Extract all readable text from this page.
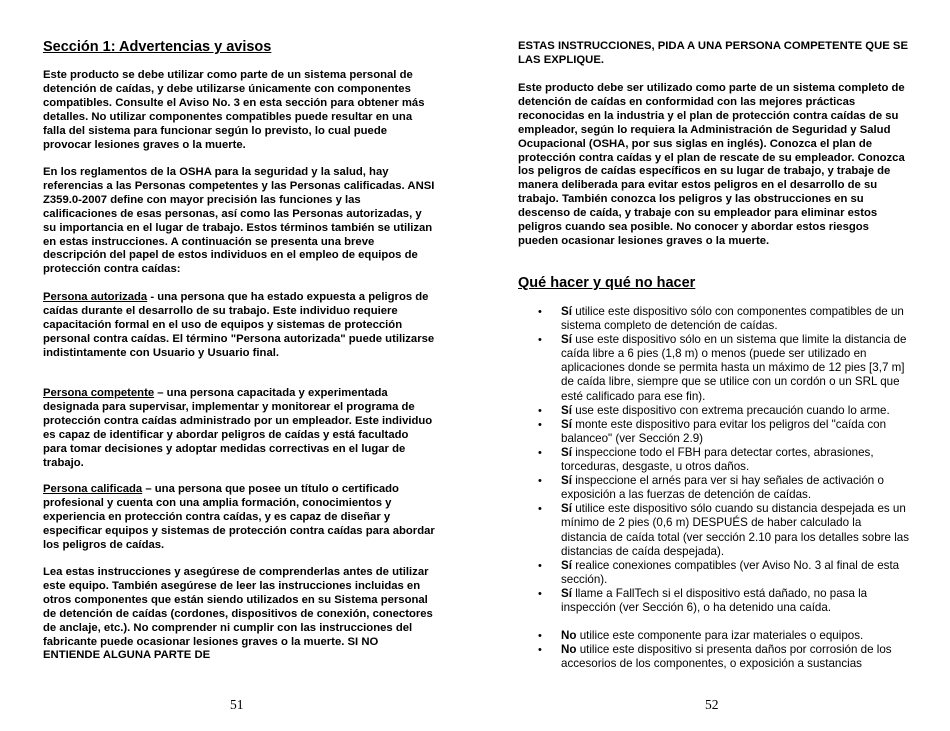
Sección 1: Advertencias y avisos

Este producto se debe utilizar como parte de un sistema personal de detención de caídas, y debe utilizarse únicamente con componentes compatibles. Consulte el Aviso No. 3 en esta sección para obtener más detalles. No utilizar componentes compatibles puede resultar en una falla del sistema para funcionar según lo previsto, lo cual puede provocar lesiones graves o la muerte.

En los reglamentos de la OSHA para la seguridad y la salud, hay referencias a las Personas competentes y las Personas calificadas. ANSI Z359.0-2007 define con mayor precisión las funciones y las calificaciones de esas personas, así como las Personas autorizadas, y su importancia en el lugar de trabajo. Estos términos también se utilizan en estas instrucciones. A continuación se presenta una breve descripción del papel de estos individuos en el empleo de equipos de protección contra caídas:

Persona autorizada - una persona que ha estado expuesta a peligros de caídas durante el desarrollo de su trabajo. Este individuo requiere capacitación formal en el uso de equipos y sistemas de protección personal contra caídas. El término "Persona autorizada" puede utilizarse indistintamente con Usuario y Usuario final.

Persona competente – una persona capacitada y experimentada designada para supervisar, implementar y monitorear el programa de protección contra caídas administrado por un empleador. Este individuo es capaz de identificar y abordar peligros de caídas y está facultado para tomar decisiones y adoptar medidas correctivas en el lugar de trabajo.

Persona calificada – una persona que posee un título o certificado profesional y cuenta con una amplia formación, conocimientos y experiencia en protección contra caídas, y es capaz de diseñar y especificar equipos y sistemas de protección contra caídas para abordar los peligros de caídas.

Lea estas instrucciones y asegúrese de comprenderlas antes de utilizar este equipo. También asegúrese de leer las instrucciones incluidas en otros componentes que están siendo utilizados en su Sistema personal de detención de caídas (cordones, dispositivos de conexión, conectores de anclaje, etc.). No comprender ni cumplir con las instrucciones del fabricante puede ocasionar lesiones graves o la muerte. SI NO ENTIENDE ALGUNA PARTE DE

51

ESTAS INSTRUCCIONES, PIDA A UNA PERSONA COMPETENTE QUE SE LAS EXPLIQUE.

Este producto debe ser utilizado como parte de un sistema completo de detención de caídas en conformidad con las mejores prácticas reconocidas en la industria y el plan de protección contra caídas de su empleador, según lo requiera la Administración de Seguridad y Salud Ocupacional (OSHA, por sus siglas en inglés). Conozca el plan de protección contra caídas y el plan de rescate de su empleador. Conozca los peligros de caídas específicos en su lugar de trabajo, y trabaje de manera deliberada para evitar estos peligros en el desarrollo de su trabajo. También conozca los peligros y las obstrucciones en su descenso de caída, y trabaje con su empleador para eliminar estos peligros cuando sea posible. No conocer y abordar estos riesgos pueden ocasionar lesiones graves o la muerte.

Qué hacer y qué no hacer
• Sí utilice este dispositivo sólo con componentes compatibles de un sistema completo de detención de caídas.
• Sí use este dispositivo sólo en un sistema que limite la distancia de caída libre a 6 pies (1,8 m) o menos (puede ser utilizado en aplicaciones donde se permita hasta un máximo de 12 pies [3,7 m] de caída libre, siempre que se utilice con un cordón o un SRL que esté calificado para ese fin).
• Sí use este dispositivo con extrema precaución cuando lo arme.
• Sí monte este dispositivo para evitar los peligros del "caída con balanceo" (ver Sección 2.9)
• Sí inspeccione todo el FBH para detectar cortes, abrasiones, torceduras, desgaste, u otros daños.
• Sí inspeccione el arnés para ver si hay señales de activación o exposición a las fuerzas de detención de caídas.
• Sí utilice este dispositivo sólo cuando su distancia despejada es un mínimo de 2 pies (0,6 m) DESPUÉS de haber calculado la distancia de caída total (ver sección 2.10 para los detalles sobre las distancias de caída despejada).
• Sí realice conexiones compatibles (ver Aviso No. 3 al final de esta sección).
• Sí llame a FallTech si el dispositivo está dañado, no pasa la inspección (ver Sección 6), o ha detenido una caída.
• No utilice este componente para izar materiales o equipos.
• No utilice este dispositivo si presenta daños por corrosión de los accesorios de los componentes, o exposición a sustancias
52
